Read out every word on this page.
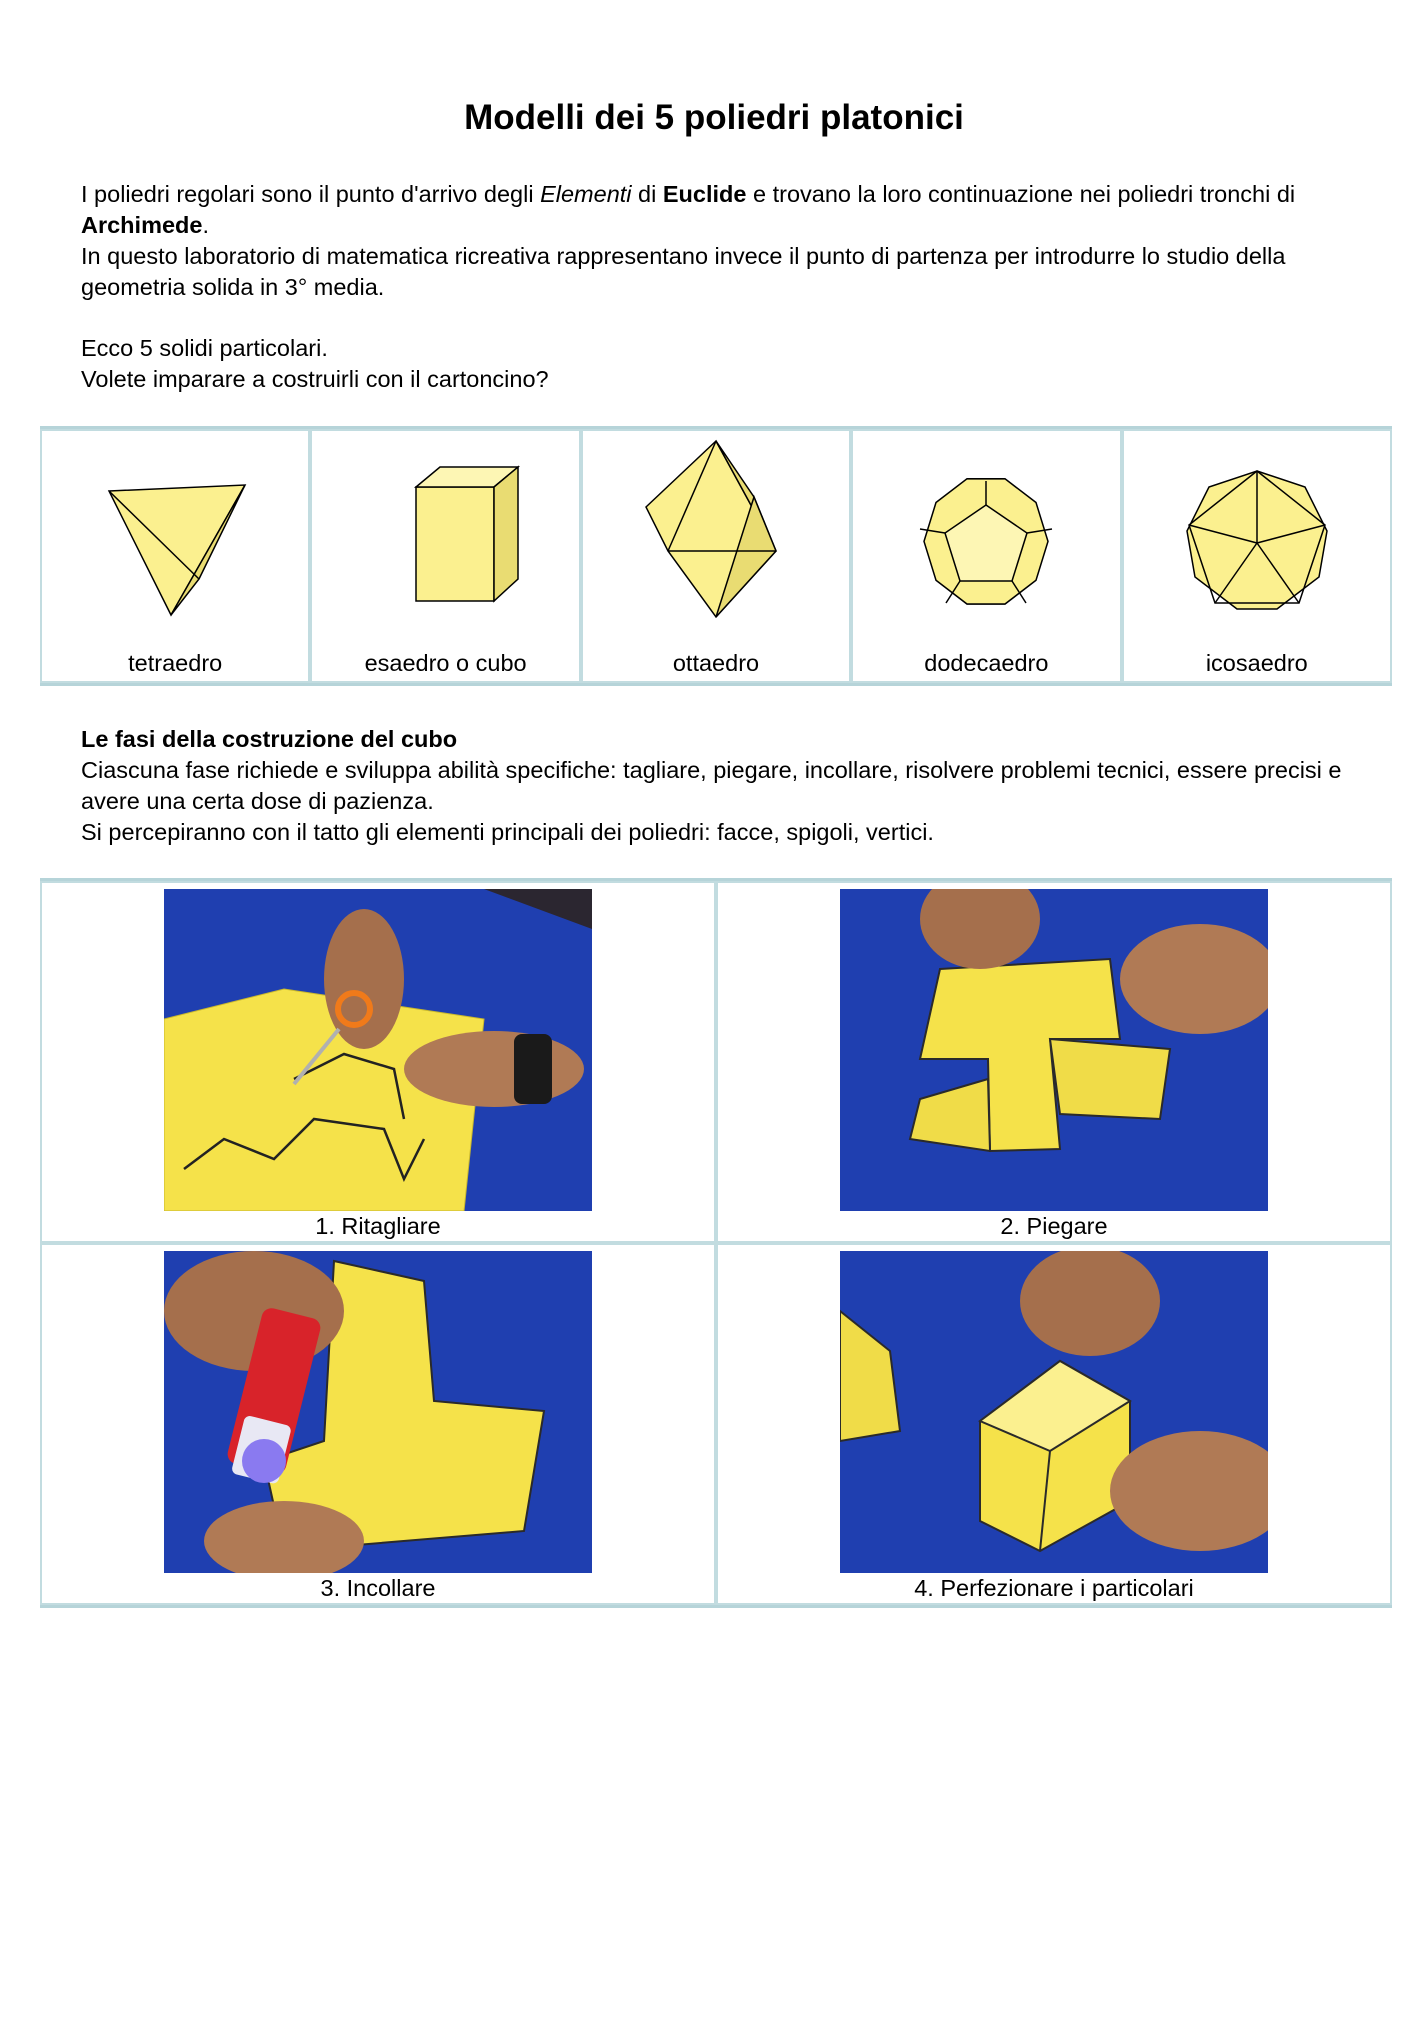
Modelli dei 5 poliedri platonici

I poliedri regolari sono il punto d'arrivo degli Elementi di Euclide e trovano la loro continuazione nei poliedri tronchi di Archimede.

In questo laboratorio di matematica ricreativa rappresentano invece il punto di partenza per introdurre lo studio della geometria solida in 3° media.

Ecco 5 solidi particolari.

Volete imparare a costruirli con il cartoncino?

tetraedro	esaedro o cubo	ottaedro	dodecaedro	icosaedro

Le fasi della costruzione del cubo

Ciascuna fase richiede e sviluppa abilità specifiche: tagliare, piegare, incollare, risolvere problemi tecnici, essere precisi e avere una certa dose di pazienza.

Si percepiranno con il tatto gli elementi principali dei poliedri: facce, spigoli, vertici.

1. Ritagliare	2. Piegare

3. Incollare	4. Perfezionare i particolari
